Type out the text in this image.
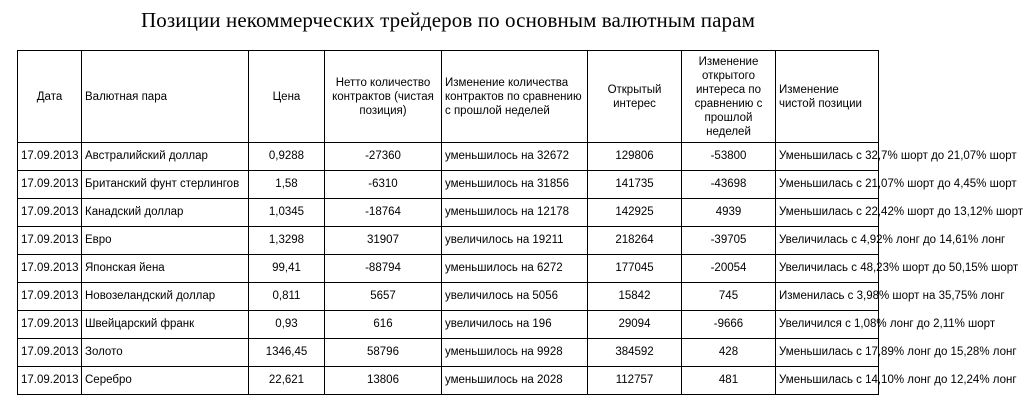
Позиции некоммерческих трейдеров по основным валютным парам
Дата	Валютная пара	Цена	Нетто количество контрактов (чистая позиция)	Изменение количества контрактов по сравнению с прошлой неделей	Открытый интерес	Изменение открытого интереса по сравнению с прошлой неделей	Изменение чистой позиции
17.09.2013	Австралийский доллар	0,9288	-27360	уменьшилось на 32672	129806	-53800	Уменьшилась с 32,7% шорт до 21,07% шорт
17.09.2013	Британский фунт стерлингов	1,58	-6310	уменьшилось на 31856	141735	-43698	Уменьшилась с 21,07% шорт до 4,45% шорт
17.09.2013	Канадский доллар	1,0345	-18764	уменьшилось на 12178	142925	4939	Уменьшилась с 22,42% шорт до 13,12% шорт
17.09.2013	Евро	1,3298	31907	увеличилось на 19211	218264	-39705	Увеличилась с 4,92% лонг до 14,61% лонг
17.09.2013	Японская йена	99,41	-88794	уменьшилось на 6272	177045	-20054	Увеличилась с 48,23% шорт до 50,15% шорт
17.09.2013	Новозеландский доллар	0,811	5657	увеличилось на 5056	15842	745	Изменилась с 3,98% шорт на 35,75% лонг
17.09.2013	Швейцарский франк	0,93	616	увеличилось на 196	29094	-9666	Увеличился с 1,08% лонг до 2,11% шорт
17.09.2013	Золото	1346,45	58796	уменьшилось на 9928	384592	428	Уменьшилась с 17,89% лонг до 15,28% лонг
17.09.2013	Серебро	22,621	13806	уменьшилось на 2028	112757	481	Уменьшилась с 14,10% лонг до 12,24% лонг
